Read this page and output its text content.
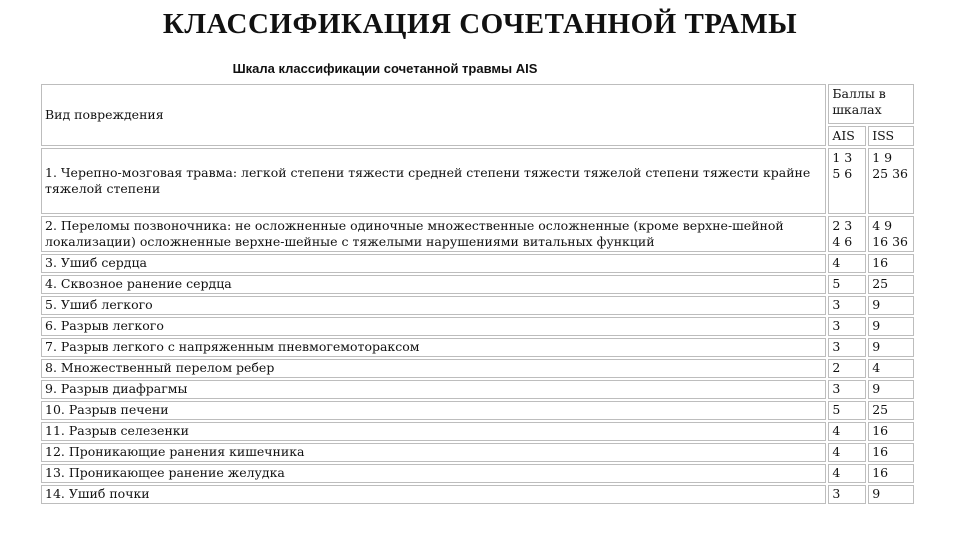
КЛАССИФИКАЦИЯ СОЧЕТАННОЙ ТРАМЫ
Шкала классификации сочетанной травмы AIS
Вид повреждения	Баллы в шкалах	
	AIS	ISS
1. Черепно-мозговая травма: легкой степени тяжести средней степени тяжести тяжелой степени тяжести крайне тяжелой степени	1 3 5 6	1 9 25 36
2. Переломы позвоночника: не осложненные одиночные множественные осложненные (кроме верхне-шейной локализации) осложненные верхне-шейные с тяжелыми нарушениями витальных функций	2 3 4 6	4 9 16 36
3. Ушиб сердца	4	16
4. Сквозное ранение сердца	5	25
5. Ушиб легкого	3	9
6. Разрыв легкого	3	9
7. Разрыв легкого с напряженным пневмогемотораксом	3	9
8. Множественный перелом ребер	2	4
9. Разрыв диафрагмы	3	9
10. Разрыв печени	5	25
11. Разрыв селезенки	4	16
12. Проникающие ранения кишечника	4	16
13. Проникающее ранение желудка	4	16
14. Ушиб почки	3	9
